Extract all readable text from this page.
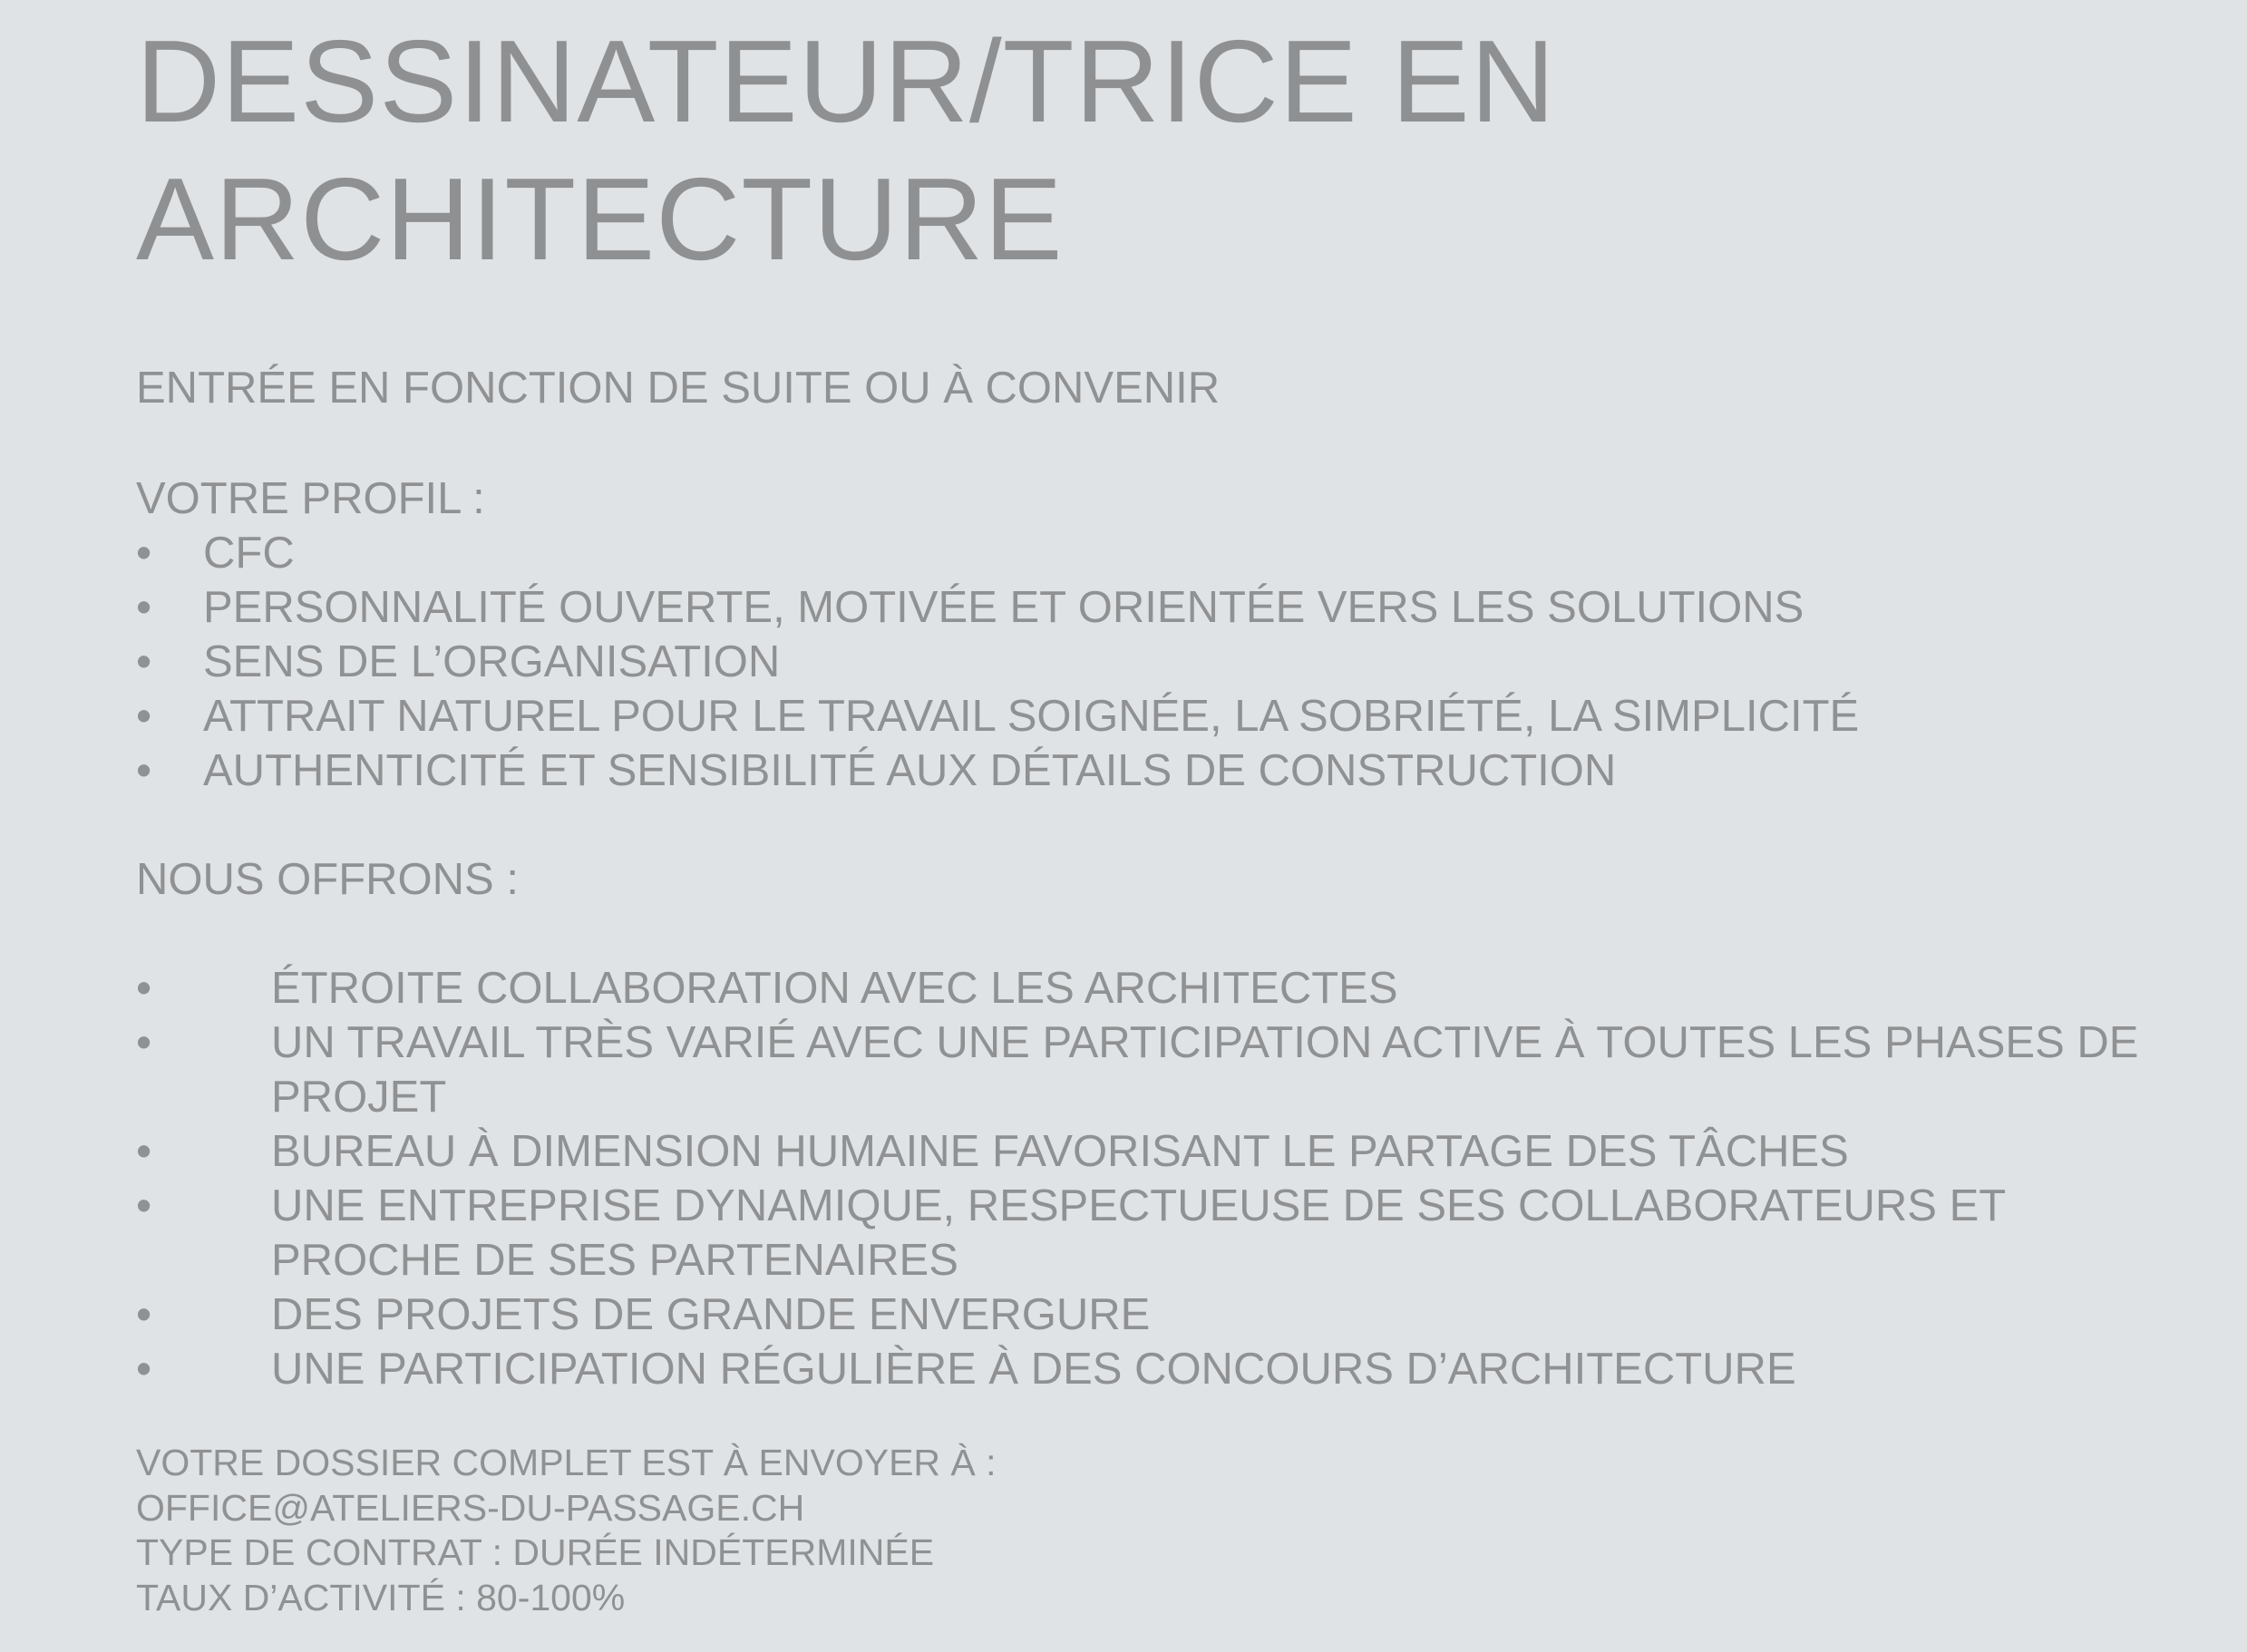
DESSINATEUR/TRICE EN
ARCHITECTURE
ENTRÉE EN FONCTION DE SUITE OU À CONVENIR
VOTRE PROFIL :
• CFC
• PERSONNALITÉ OUVERTE, MOTIVÉE ET ORIENTÉE VERS LES SOLUTIONS
• SENS DE L’ORGANISATION
• ATTRAIT NATUREL POUR LE TRAVAIL SOIGNÉE, LA SOBRIÉTÉ, LA SIMPLICITÉ
• AUTHENTICITÉ ET SENSIBILITÉ AUX DÉTAILS DE CONSTRUCTION
NOUS OFFRONS :
•	ÉTROITE COLLABORATION AVEC LES ARCHITECTES
•	UN TRAVAIL TRÈS VARIÉ AVEC UNE PARTICIPATION ACTIVE À TOUTES LES PHASES DE PROJET
•	BUREAU À DIMENSION HUMAINE FAVORISANT LE PARTAGE DES TÂCHES
•	UNE ENTREPRISE DYNAMIQUE, RESPECTUEUSE DE SES COLLABORATEURS ET PROCHE DE SES PARTENAIRES
•	DES PROJETS DE GRANDE ENVERGURE
•	UNE PARTICIPATION RÉGULIÈRE À DES CONCOURS D’ARCHITECTURE
VOTRE DOSSIER COMPLET EST À ENVOYER À :
OFFICE@ATELIERS-DU-PASSAGE.CH
TYPE DE CONTRAT : DURÉE INDÉTERMINÉE
TAUX D’ACTIVITÉ : 80-100%
